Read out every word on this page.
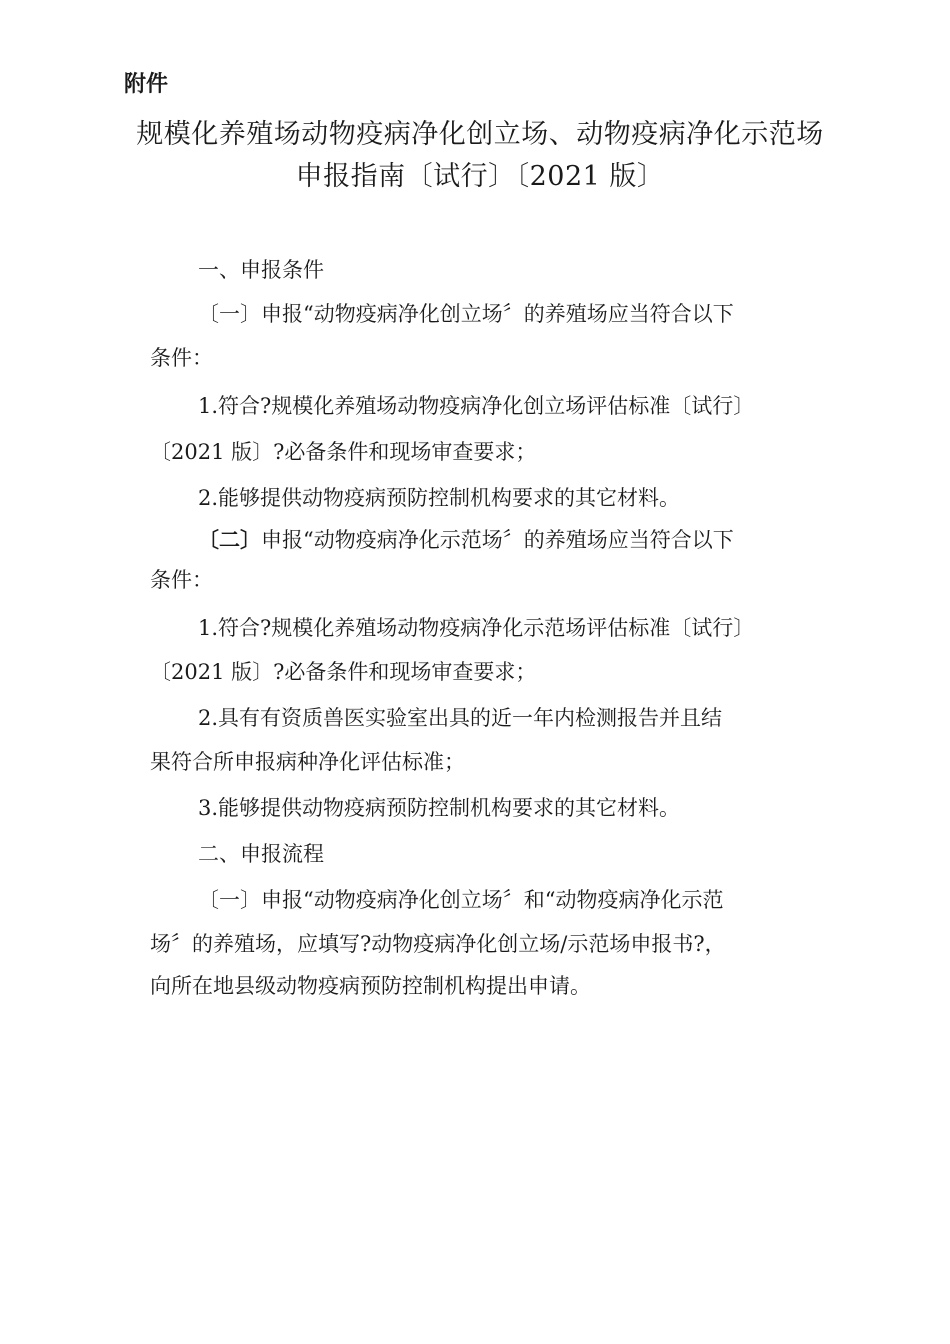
附件
规模化养殖场动物疫病净化创立场、动物疫病净化示范场
申报指南〔试行〕〔2021 版〕
一、申报条件
〔一〕申报“动物疫病净化创立场〞的养殖场应当符合以下
条件：
1.符合?规模化养殖场动物疫病净化创立场评估标准〔试行〕
〔2021 版〕?必备条件和现场审查要求；
2.能够提供动物疫病预防控制机构要求的其它材料。
〔二〕申报“动物疫病净化示范场〞的养殖场应当符合以下
条件：
1.符合?规模化养殖场动物疫病净化示范场评估标准〔试行〕
〔2021 版〕?必备条件和现场审查要求；
2.具有有资质兽医实验室出具的近一年内检测报告并且结
果符合所申报病种净化评估标准；
3.能够提供动物疫病预防控制机构要求的其它材料。
二、申报流程
〔一〕申报“动物疫病净化创立场〞和“动物疫病净化示范
场〞的养殖场，应填写?动物疫病净化创立场/示范场申报书?，
向所在地县级动物疫病预防控制机构提出申请。
